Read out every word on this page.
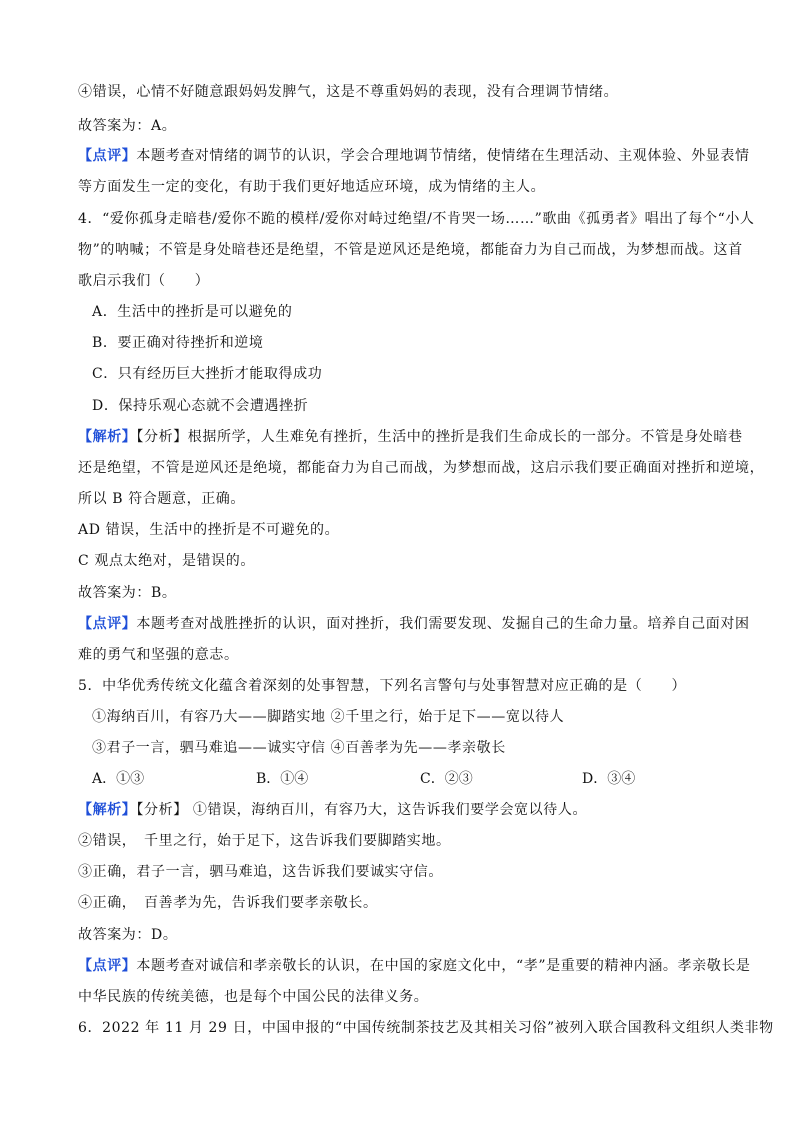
④错误，心情不好随意跟妈妈发脾气，这是不尊重妈妈的表现，没有合理调节情绪。
故答案为：A。
【点评】本题考查对情绪的调节的认识，学会合理地调节情绪，使情绪在生理活动、主观体验、外显表情
等方面发生一定的变化，有助于我们更好地适应环境，成为情绪的主人。
4．“爱你孤身走暗巷/爱你不跪的模样/爱你对峙过绝望/不肯哭一场……”歌曲《孤勇者》唱出了每个“小人
物”的呐喊；不管是身处暗巷还是绝望，不管是逆风还是绝境，都能奋力为自己而战，为梦想而战。这首
歌启示我们（　　）
A．生活中的挫折是可以避免的
B．要正确对待挫折和逆境
C．只有经历巨大挫折才能取得成功
D．保持乐观心态就不会遭遇挫折
【解析】【分析】根据所学，人生难免有挫折，生活中的挫折是我们生命成长的一部分。不管是身处暗巷
还是绝望，不管是逆风还是绝境，都能奋力为自己而战，为梦想而战，这启示我们要正确面对挫折和逆境，
所以 B 符合题意，正确。
AD 错误，生活中的挫折是不可避免的。
C 观点太绝对，是错误的。
故答案为：B。
【点评】本题考查对战胜挫折的认识，面对挫折，我们需要发现、发掘自己的生命力量。培养自己面对困
难的勇气和坚强的意志。
5．中华优秀传统文化蕴含着深刻的处事智慧，下列名言警句与处事智慧对应正确的是（　　）
①海纳百川，有容乃大——脚踏实地 ②千里之行，始于足下——宽以待人
③君子一言，驷马难追——诚实守信 ④百善孝为先——孝亲敬长
A．①③	B．①④	C．②③	D．③④
【解析】【分析】 ①错误，海纳百川，有容乃大，这告诉我们要学会宽以待人。
②错误，　千里之行，始于足下，这告诉我们要脚踏实地。
③正确，君子一言，驷马难追，这告诉我们要诚实守信。
④正确，　百善孝为先，告诉我们要孝亲敬长。
故答案为：D。
【点评】本题考查对诚信和孝亲敬长的认识，在中国的家庭文化中，“孝”是重要的精神内涵。孝亲敬长是
中华民族的传统美德，也是每个中国公民的法律义务。
6．2022 年 11 月 29 日，中国申报的“中国传统制茶技艺及其相关习俗”被列入联合国教科文组织人类非物
